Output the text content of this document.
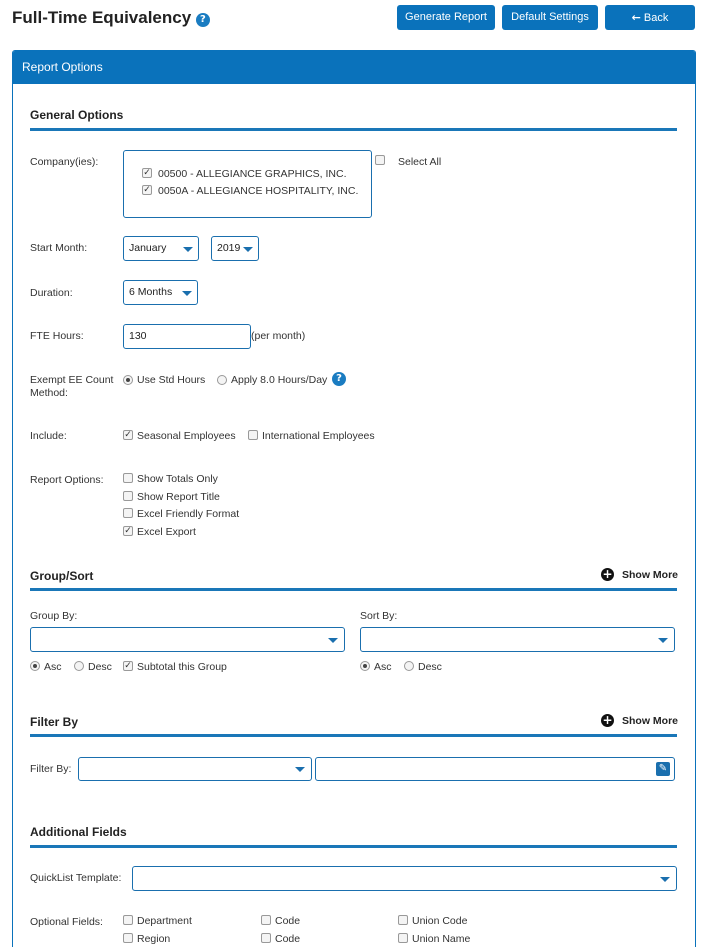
Full-Time Equivalency ?	Generate Report	Default Settings	← Back
Report Options
General Options
Company(ies):
✓ 00500 - ALLEGIANCE GRAPHICS, INC.
✓ 0050A - ALLEGIANCE HOSPITALITY, INC.
Select All
Start Month:	January	2019
Duration:	6 Months
FTE Hours:	130	(per month)
Exempt EE Count
Method:
Use Std Hours Apply 8.0 Hours/Day ?
Include:	✓ Seasonal Employees	International Employees
Report Options:	Show Totals Only
Show Report Title
Excel Friendly Format
✓ Excel Export
Group/Sort	+ Show More
Group By:	Sort By:
Asc	Desc ✓ Subtotal this Group	Asc	Desc
Filter By	+ Show More
Filter By:	✎
Additional Fields
QuickList Template:
Optional Fields:	Department	Code	Union Code
Region	Code	Union Name
